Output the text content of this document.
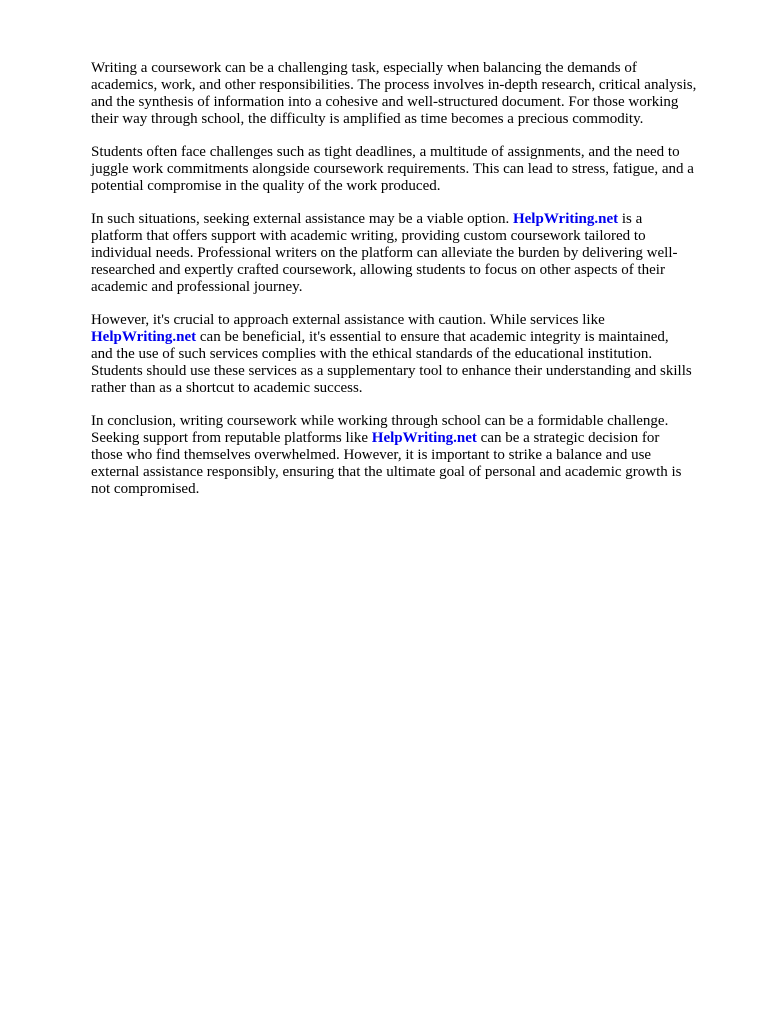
Writing a coursework can be a challenging task, especially when balancing the demands of
academics, work, and other responsibilities. The process involves in-depth research, critical analysis,
and the synthesis of information into a cohesive and well-structured document. For those working
their way through school, the difficulty is amplified as time becomes a precious commodity.

Students often face challenges such as tight deadlines, a multitude of assignments, and the need to
juggle work commitments alongside coursework requirements. This can lead to stress, fatigue, and a
potential compromise in the quality of the work produced.

In such situations, seeking external assistance may be a viable option. HelpWriting.net is a
platform that offers support with academic writing, providing custom coursework tailored to
individual needs. Professional writers on the platform can alleviate the burden by delivering well-
researched and expertly crafted coursework, allowing students to focus on other aspects of their
academic and professional journey.

However, it's crucial to approach external assistance with caution. While services like
HelpWriting.net can be beneficial, it's essential to ensure that academic integrity is maintained,
and the use of such services complies with the ethical standards of the educational institution.
Students should use these services as a supplementary tool to enhance their understanding and skills
rather than as a shortcut to academic success.

In conclusion, writing coursework while working through school can be a formidable challenge.
Seeking support from reputable platforms like HelpWriting.net can be a strategic decision for
those who find themselves overwhelmed. However, it is important to strike a balance and use
external assistance responsibly, ensuring that the ultimate goal of personal and academic growth is
not compromised.
